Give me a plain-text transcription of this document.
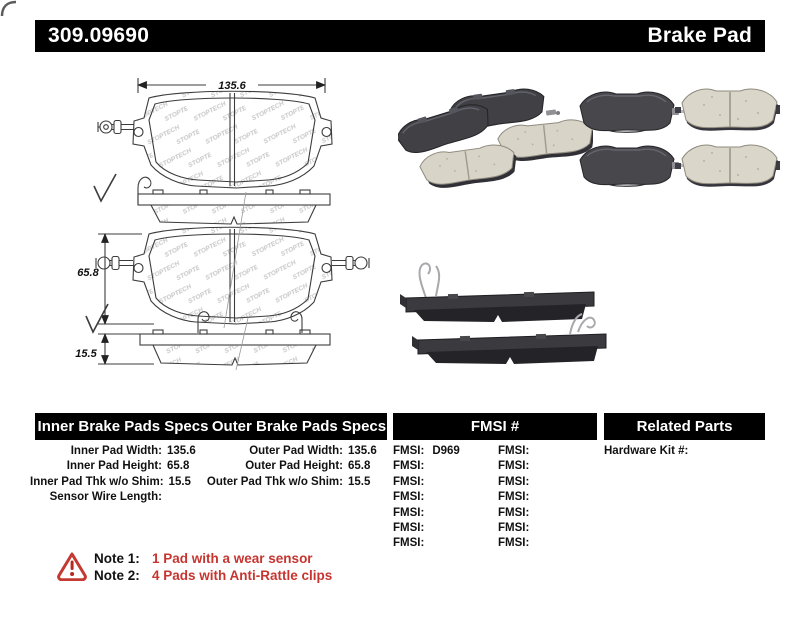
309.09690	Brake Pad
135.6
65.8
15.5
Inner Brake Pads Specs Outer Brake Pads Specs	FMSI #	Related Parts
Inner Pad Width: 135.6
Inner Pad Height: 65.8
Inner Pad Thk w/o Shim: 15.5
Sensor Wire Length:
Outer Pad Width: 135.6
Outer Pad Height: 65.8
Outer Pad Thk w/o Shim: 15.5
FMSI: D969
FMSI:
FMSI:
FMSI:
FMSI:
FMSI:
FMSI:
FMSI:
FMSI:
FMSI:
FMSI:
FMSI:
FMSI:
FMSI:
Hardware Kit #:
Note 1: 1 Pad with a wear sensor
Note 2: 4 Pads with Anti-Rattle clips
